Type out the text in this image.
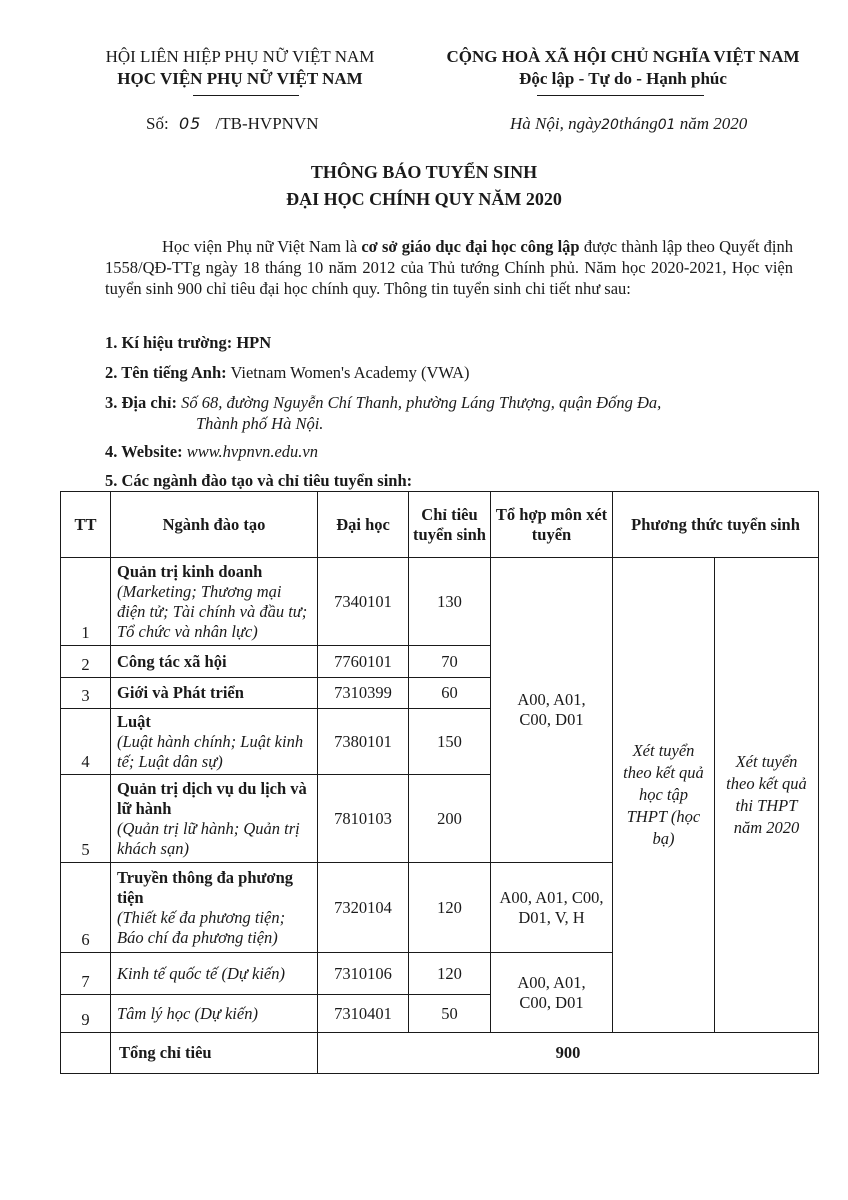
HỘI LIÊN HIỆP PHỤ NỮ VIỆT NAM
HỌC VIỆN PHỤ NỮ VIỆT NAM
CỘNG HOÀ XÃ HỘI CHỦ NGHĨA VIỆT NAM
Độc lập - Tự do - Hạnh phúc
Số: 05 /TB-HVPNVN	Hà Nội, ngày20tháng01 năm 2020
THÔNG BÁO TUYỂN SINH
ĐẠI HỌC CHÍNH QUY NĂM 2020
Học viện Phụ nữ Việt Nam là cơ sở giáo dục đại học công lập được thành lập theo Quyết định 1558/QĐ-TTg ngày 18 tháng 10 năm 2012 của Thủ tướng Chính phủ. Năm học 2020-2021, Học viện tuyển sinh 900 chỉ tiêu đại học chính quy. Thông tin tuyển sinh chi tiết như sau:
1. Kí hiệu trường: HPN
2. Tên tiếng Anh: Vietnam Women's Academy (VWA)
3. Địa chỉ: Số 68, đường Nguyễn Chí Thanh, phường Láng Thượng, quận Đống Đa,
Thành phố Hà Nội.
4. Website: www.hvpnvn.edu.vn
5. Các ngành đào tạo và chỉ tiêu tuyển sinh:
TT	Ngành đào tạo	Đại học	Chỉ tiêu tuyển sinh	Tổ hợp môn xét tuyển	Phương thức tuyển sinh	
1	Quản trị kinh doanh
(Marketing; Thương mại điện tử; Tài chính và đầu tư; Tổ chức và nhân lực)	7340101	130	A00, A01, C00, D01	Xét tuyển theo kết quả học tập THPT (học bạ)	Xét tuyển theo kết quả thi THPT năm 2020
2	Công tác xã hội	7760101	70			
3	Giới và Phát triển	7310399	60			
4	Luật
(Luật hành chính; Luật kinh tế; Luật dân sự)	7380101	150			
5	Quản trị dịch vụ du lịch và lữ hành
(Quản trị lữ hành; Quản trị khách sạn)	7810103	200			
6	Truyền thông đa phương tiện
(Thiết kế đa phương tiện; Báo chí đa phương tiện)	7320104	120	A00, A01, C00, D01, V, H		
7	Kinh tế quốc tế (Dự kiến)	7310106	120	A00, A01, C00, D01		
9	Tâm lý học (Dự kiến)	7310401	50			
	Tổng chỉ tiêu	900				
